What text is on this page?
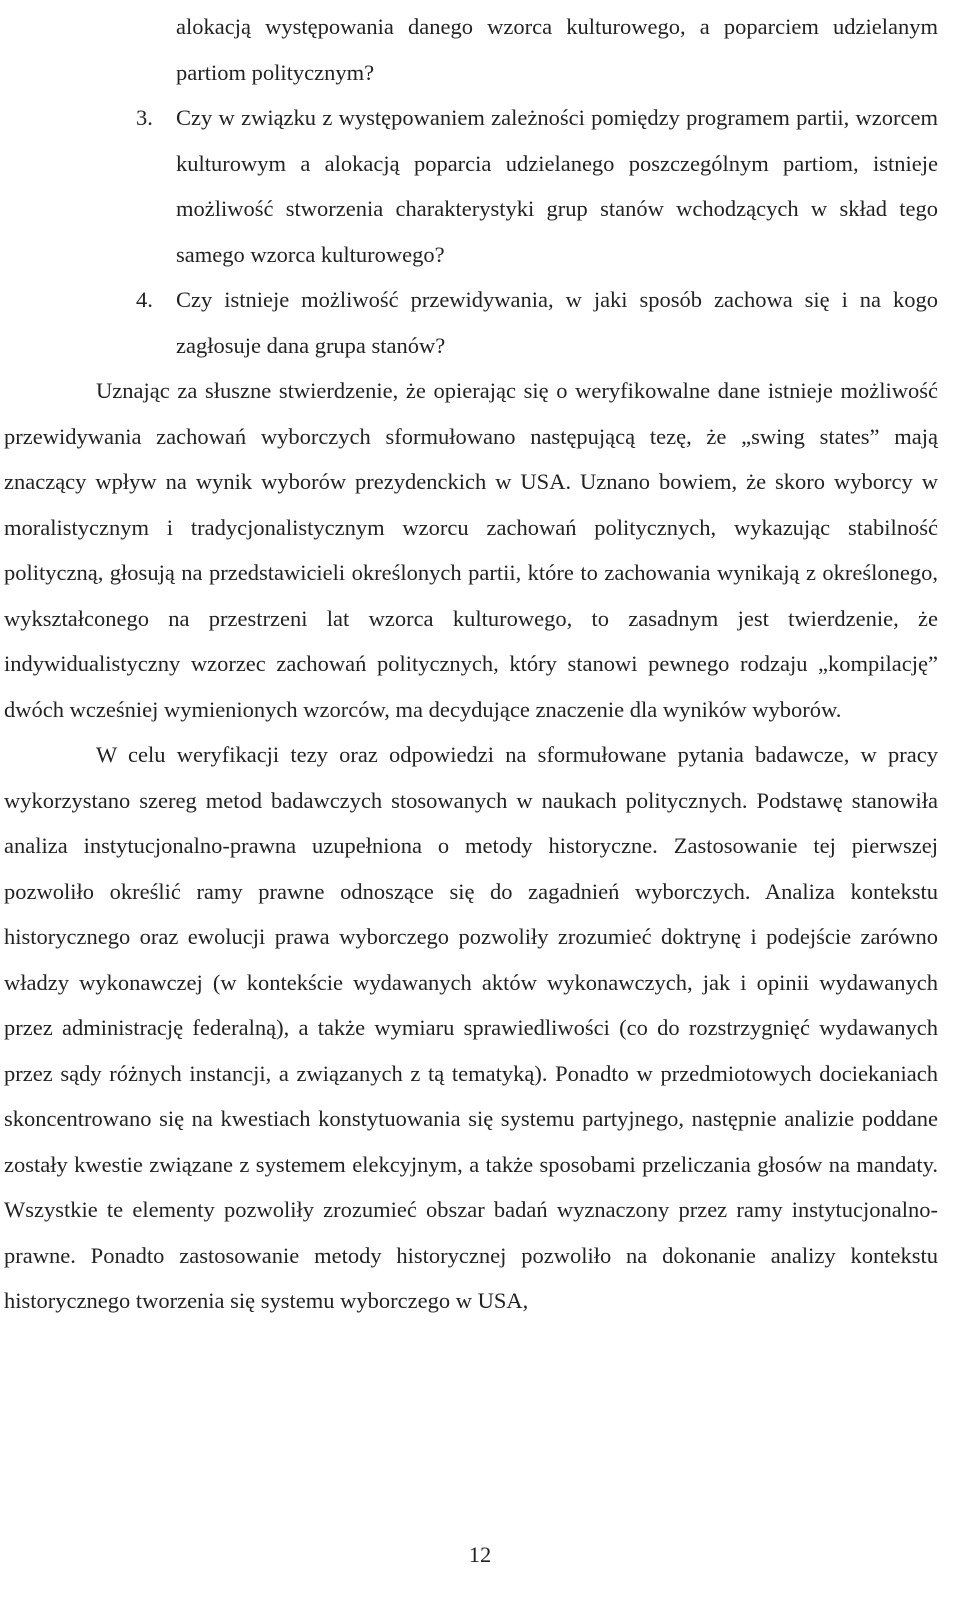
alokacją występowania danego wzorca kulturowego, a poparciem udzielanym partiom politycznym?
3. Czy w związku z występowaniem zależności pomiędzy programem partii, wzorcem kulturowym a alokacją poparcia udzielanego poszczególnym partiom, istnieje możliwość stworzenia charakterystyki grup stanów wchodzących w skład tego samego wzorca kulturowego?
4. Czy istnieje możliwość przewidywania, w jaki sposób zachowa się i na kogo zagłosuje dana grupa stanów?

Uznając za słuszne stwierdzenie, że opierając się o weryfikowalne dane istnieje możliwość przewidywania zachowań wyborczych sformułowano następującą tezę, że „swing states” mają znaczący wpływ na wynik wyborów prezydenckich w USA. Uznano bowiem, że skoro wyborcy w moralistycznym i tradycjonalistycznym wzorcu zachowań politycznych, wykazując stabilność polityczną, głosują na przedstawicieli określonych partii, które to zachowania wynikają z określonego, wykształconego na przestrzeni lat wzorca kulturowego, to zasadnym jest twierdzenie, że indywidualistyczny wzorzec zachowań politycznych, który stanowi pewnego rodzaju „kompilację” dwóch wcześniej wymienionych wzorców, ma decydujące znaczenie dla wyników wyborów.

W celu weryfikacji tezy oraz odpowiedzi na sformułowane pytania badawcze, w pracy wykorzystano szereg metod badawczych stosowanych w naukach politycznych. Podstawę stanowiła analiza instytucjonalno-prawna uzupełniona o metody historyczne. Zastosowanie tej pierwszej pozwoliło określić ramy prawne odnoszące się do zagadnień wyborczych. Analiza kontekstu historycznego oraz ewolucji prawa wyborczego pozwoliły zrozumieć doktrynę i podejście zarówno władzy wykonawczej (w kontekście wydawanych aktów wykonawczych, jak i opinii wydawanych przez administrację federalną), a także wymiaru sprawiedliwości (co do rozstrzygnięć wydawanych przez sądy różnych instancji, a związanych z tą tematyką). Ponadto w przedmiotowych dociekaniach skoncentrowano się na kwestiach konstytuowania się systemu partyjnego, następnie analizie poddane zostały kwestie związane z systemem elekcyjnym, a także sposobami przeliczania głosów na mandaty. Wszystkie te elementy pozwoliły zrozumieć obszar badań wyznaczony przez ramy instytucjonalno-prawne. Ponadto zastosowanie metody historycznej pozwoliło na dokonanie analizy kontekstu historycznego tworzenia się systemu wyborczego w USA,

12
